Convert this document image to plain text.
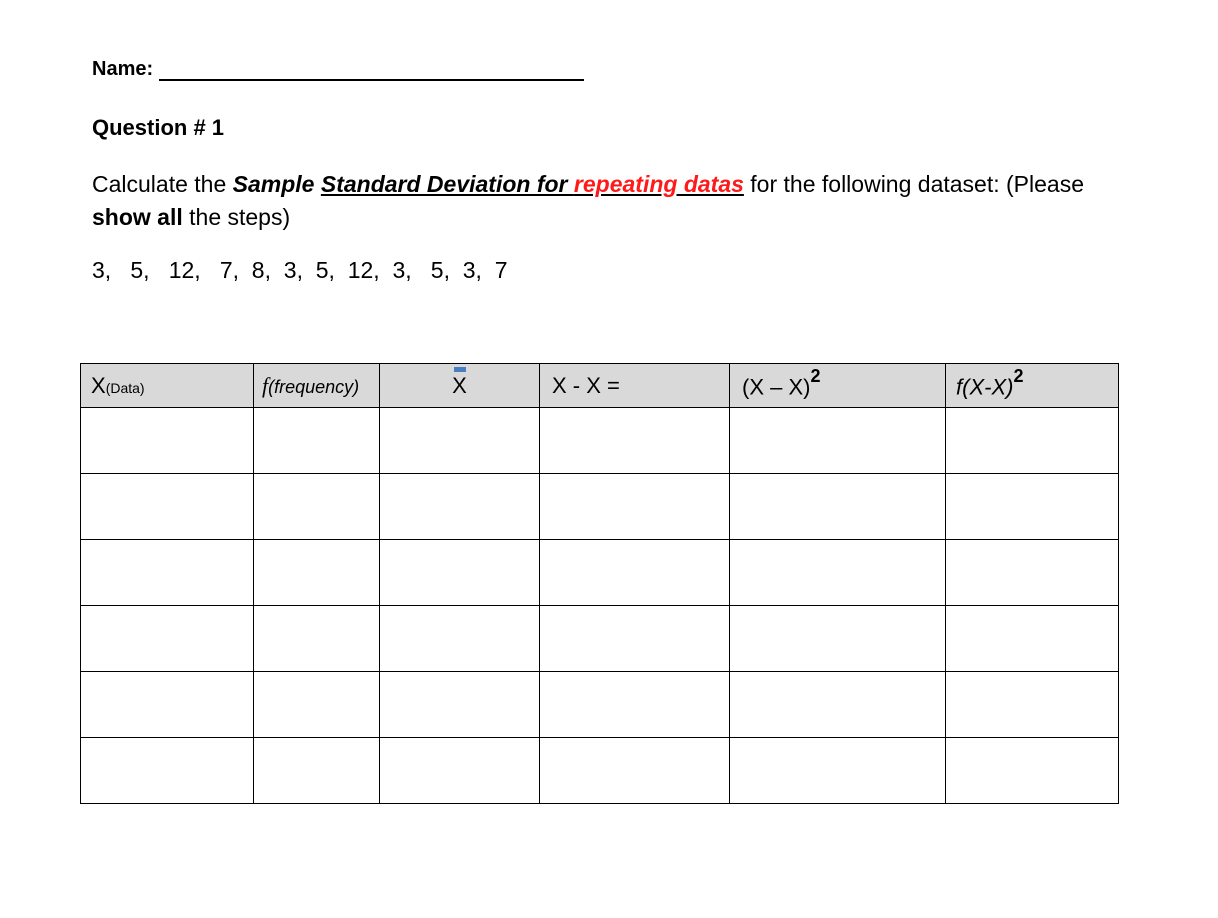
Name:
Question # 1
Calculate the Sample Standard Deviation for repeating datas for the following dataset: (Please
show all the steps)
3,   5,   12,   7,  8,  3,  5,  12,  3,   5,  3,  7
X(Data)	f(frequency)	X	X - X =	(X – X)$^2$	$f(X-X)^2$
